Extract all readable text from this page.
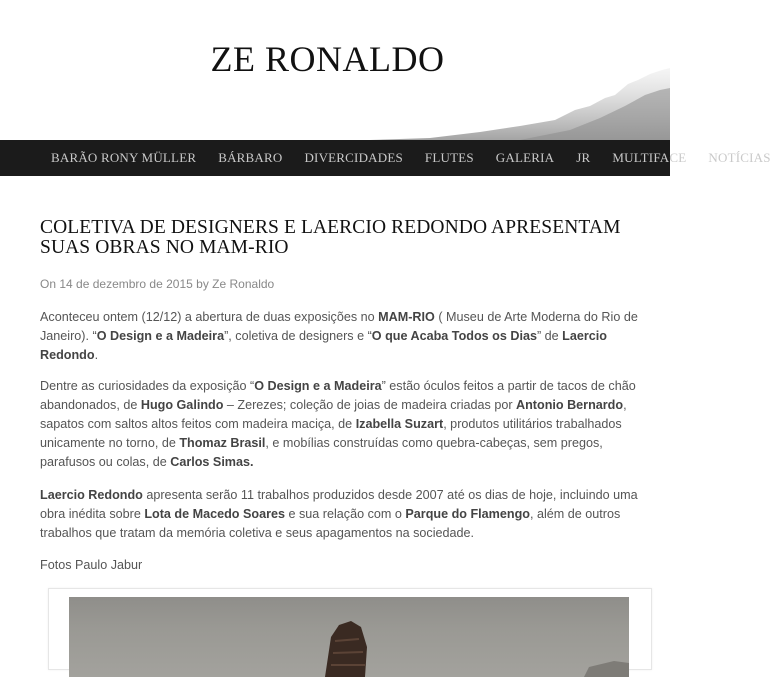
ZE RONALDO
BARÃO RONY MÜLLER	BÁRBARO	DIVERCIDADES	FLUTES	GALERIA	JR	MULTIFACE	NOTÍCIAS
COLETIVA DE DESIGNERS E LAERCIO REDONDO APRESENTAM SUAS OBRAS NO MAM-RIO
On 14 de dezembro de 2015 by Ze Ronaldo

Aconteceu ontem (12/12) a abertura de duas exposições no MAM-RIO ( Museu de Arte Moderna do Rio de Janeiro). “O Design e a Madeira”, coletiva de designers e “O que Acaba Todos os Dias” de Laercio Redondo.

Dentre as curiosidades da exposição “O Design e a Madeira” estão óculos feitos a partir de tacos de chão abandonados, de Hugo Galindo – Zerezes; coleção de joias de madeira criadas por Antonio Bernardo, sapatos com saltos altos feitos com madeira maciça, de Izabella Suzart, produtos utilitários trabalhados unicamente no torno, de Thomaz Brasil, e mobílias construídas como quebra-cabeças, sem pregos, parafusos ou colas, de Carlos Simas.

Laercio Redondo apresenta serão 11 trabalhos produzidos desde 2007 até os dias de hoje, incluindo uma obra inédita sobre Lota de Macedo Soares e sua relação com o Parque do Flamengo, além de outros trabalhos que tratam da memória coletiva e seus apagamentos na sociedade.

Fotos Paulo Jabur
